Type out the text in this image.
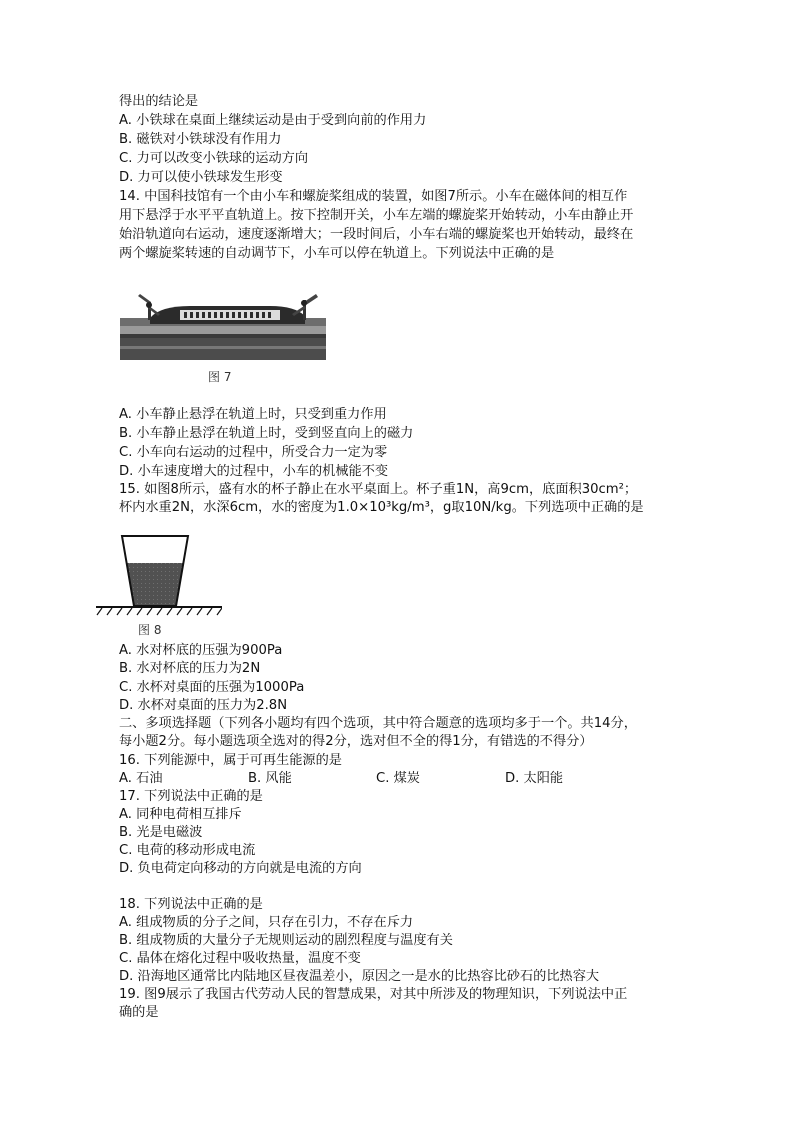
得出的结论是
A. 小铁球在桌面上继续运动是由于受到向前的作用力
B. 磁铁对小铁球没有作用力
C. 力可以改变小铁球的运动方向
D. 力可以使小铁球发生形变
14. 中国科技馆有一个由小车和螺旋桨组成的装置，如图7所示。小车在磁体间的相互作
用下悬浮于水平平直轨道上。按下控制开关，小车左端的螺旋桨开始转动，小车由静止开
始沿轨道向右运动，速度逐渐增大；一段时间后，小车右端的螺旋桨也开始转动，最终在
两个螺旋桨转速的自动调节下，小车可以停在轨道上。下列说法中正确的是
图 7
A. 小车静止悬浮在轨道上时，只受到重力作用
B. 小车静止悬浮在轨道上时，受到竖直向上的磁力
C. 小车向右运动的过程中，所受合力一定为零
D. 小车速度增大的过程中，小车的机械能不变
15. 如图8所示，盛有水的杯子静止在水平桌面上。杯子重1N，高9cm，底面积30cm²；
杯内水重2N，水深6cm，水的密度为1.0×10³kg/m³，g取10N/kg。下列选项中正确的是
图 8
A. 水对杯底的压强为900Pa
B. 水对杯底的压力为2N
C. 水杯对桌面的压强为1000Pa
D. 水杯对桌面的压力为2.8N
二、多项选择题（下列各小题均有四个选项，其中符合题意的选项均多于一个。共14分，
每小题2分。每小题选项全选对的得2分，选对但不全的得1分，有错选的不得分）
16. 下列能源中，属于可再生能源的是
A. 石油	B. 风能	C. 煤炭	D. 太阳能
17. 下列说法中正确的是
A. 同种电荷相互排斥
B. 光是电磁波
C. 电荷的移动形成电流
D. 负电荷定向移动的方向就是电流的方向
18. 下列说法中正确的是
A. 组成物质的分子之间，只存在引力，不存在斥力
B. 组成物质的大量分子无规则运动的剧烈程度与温度有关
C. 晶体在熔化过程中吸收热量，温度不变
D. 沿海地区通常比内陆地区昼夜温差小，原因之一是水的比热容比砂石的比热容大
19. 图9展示了我国古代劳动人民的智慧成果，对其中所涉及的物理知识，下列说法中正
确的是
